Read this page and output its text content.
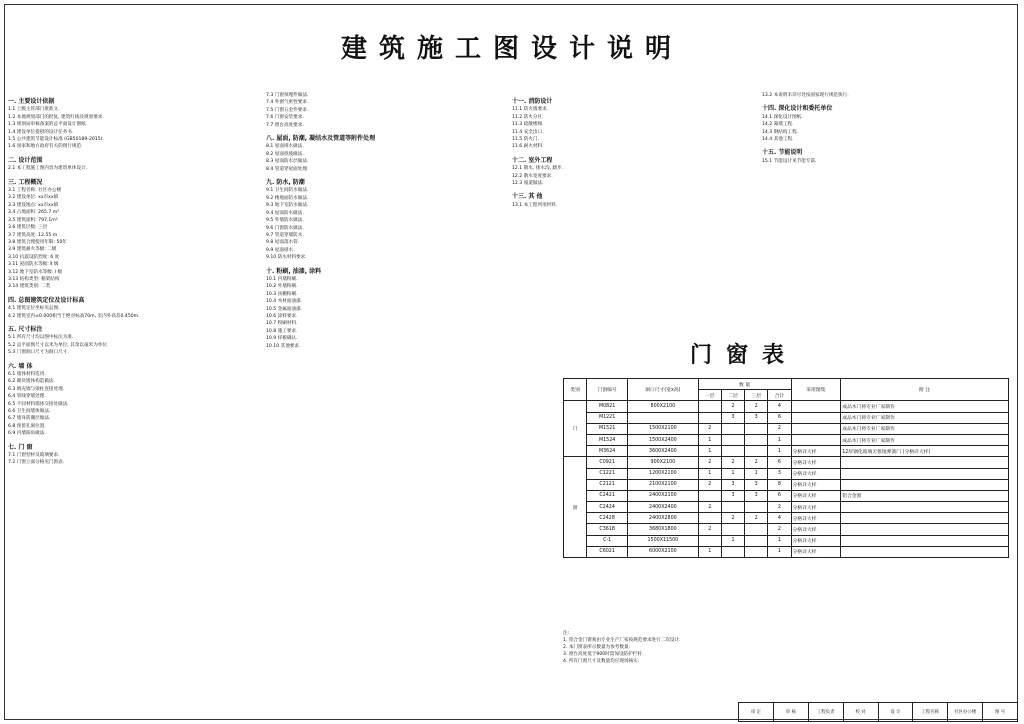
建筑施工图设计说明
一. 主要设计依据
1.1 上级主管部门批准文.
1.2 本地规划部门的批复, 建筑红线及规划要求.
1.3 规划局审核备案的总平面设计图纸.
1.4 建设单位提供的设计任务书.
1.5 公共建筑节能设计标准 (GB50189-2015).
1.6 国家和地方政府有关的现行规范.
二. 设计范围
2.1 本工程施工图内容为建筑单体设计.
三. 工程概况
3.1 工程名称: 社区办公楼
3.2 建设单位: xx市xx镇
3.3 建设地点: xx市xx镇
3.4 占地面积: 265.7 m²
3.5 建筑面积: 797.1m²
3.6 建筑层数: 三层
3.7 建筑高度: 12.55 m
3.8 建筑合理使用年限: 50年
3.9 建筑耐火等级: 二级
3.10 抗震设防烈度: 6 度
3.11 屋面防水等级: Ⅱ 级
3.12 地下室防水等级: Ⅰ 级
3.13 结构类型: 框架结构
3.14 建筑类别: 二类
四. 总图建筑定位及设计标高
4.1 建筑定位坐标见总图.
4.2 建筑室内±0.000相当于绝对标高70m, 室内外高差0.450m.
五. 尺寸标注
5.1 所有尺寸均以图中标注为准.
5.2 总平面图尺寸以米为单位, 其余以毫米为单位.
5.3 门窗洞口尺寸为洞口尺寸.
六. 墙 体
6.1 墙体材料选用.
6.2 砌块墙体构造做法.
6.3 填充墙与梁柱连接处理.
6.4 管线穿墙处理.
6.5 不同材料墙体交接处做法.
6.6 卫生间墙体做法.
6.7 墙身防潮层做法.
6.8 预留孔洞位置.
6.9 内墙阳角做法.
七. 门 窗
7.1 门窗型材及玻璃要求.
7.2 门窗立面分格见门窗表.
7.3 门窗预埋件做法.
7.4 外窗气密性要求.
7.5 门窗五金件要求.
7.6 门窗安装要求.
7.7 窗台高度要求.
八. 屋面, 防潮, 凝结水及管道等附件处理
8.1 屋面排水做法.
8.2 屋面找坡做法.
8.3 屋面防水层做法.
8.4 管道穿屋面处理.
九. 防水, 防潮
9.1 卫生间防水做法.
9.2 楼地面防水做法.
9.3 地下室防水做法.
9.4 屋面防水做法.
9.5 外墙防水做法.
9.6 门窗防水做法.
9.7 管道穿墙防水.
9.8 屋面落水管.
9.9 屋面排水.
9.10 防水材料要求.
十. 粉刷, 油漆, 涂料
10.1 内墙粉刷.
10.2 外墙粉刷.
10.3 顶棚粉刷.
10.4 木材面油漆.
10.5 金属面油漆.
10.6 涂料要求.
10.7 粉刷材料.
10.8 施工要求.
10.9 样板确认.
10.10 其他要求.
十一. 消防设计
11.1 防火墙要求.
11.2 防火分区.
11.3 疏散楼梯.
11.4 安全出口.
11.5 防火门.
11.6 耐火材料.
十二. 室外工程
12.1 散水, 排水沟, 踏步.
12.2 散水宽度要求.
12.3 坡道做法.
十三. 其 他
13.1 本工程所用材料.
13.2 本说明未详尽处按国家现行规范执行.
十四. 深化设计和委托单位
14.1 深化设计图纸.
14.2 幕墙工程.
14.3 钢结构工程.
14.4 其他工程.
十五. 节能说明
15.1 节能设计见节能专篇.
门窗表
类别	门窗编号	洞口尺寸(宽x高)	数 量				采用图集	附 注
			一层	二层	三层	合计		
门	M0821	800X2100		2	2	4		成品木门将专业厂家制作
	M1221			3	3	6		成品木门将专业厂家制作
	M1521	1500X2100	2			2		成品木门将专业厂家制作
	M1524	1500X2400	1			1		成品木门将专业厂家制作
	M3624	3600X2400	1			1	分格详大样	12厚钢化玻璃无框地弹簧门 (分格详大样)
窗	C0921	900X2100	2	2	2	6	分格详大样	
	C1221	1200X2100	1	1	1	3	分格详大样	
	C2121	2100X2100	2	3	3	8	分格详大样	
	C2421	2400X2100		3	3	6	分格详大样	铝合金窗
	C2424	2400X2400	2			2	分格详大样	
	C2428	2400X2800		2	2	4	分格详大样	
	C3618	3680X1800	2			2	分格详大样	
	C-1	1500X11500		1		1	分格详大样	
	C6021	6000X2100	1			1	分格详大样	
注:
1. 铝合金门窗须由专业生产厂家按规范要求进行二次设计.
2. 本门窗表所示数量为参考数量.
3. 窗台高度低于900时需加设防护栏杆.
4. 所有门窗尺寸及数量均应现场核实.
审 定	审 核	工程负责	校 对	设 计	工程名称	社区办公楼	图 号
